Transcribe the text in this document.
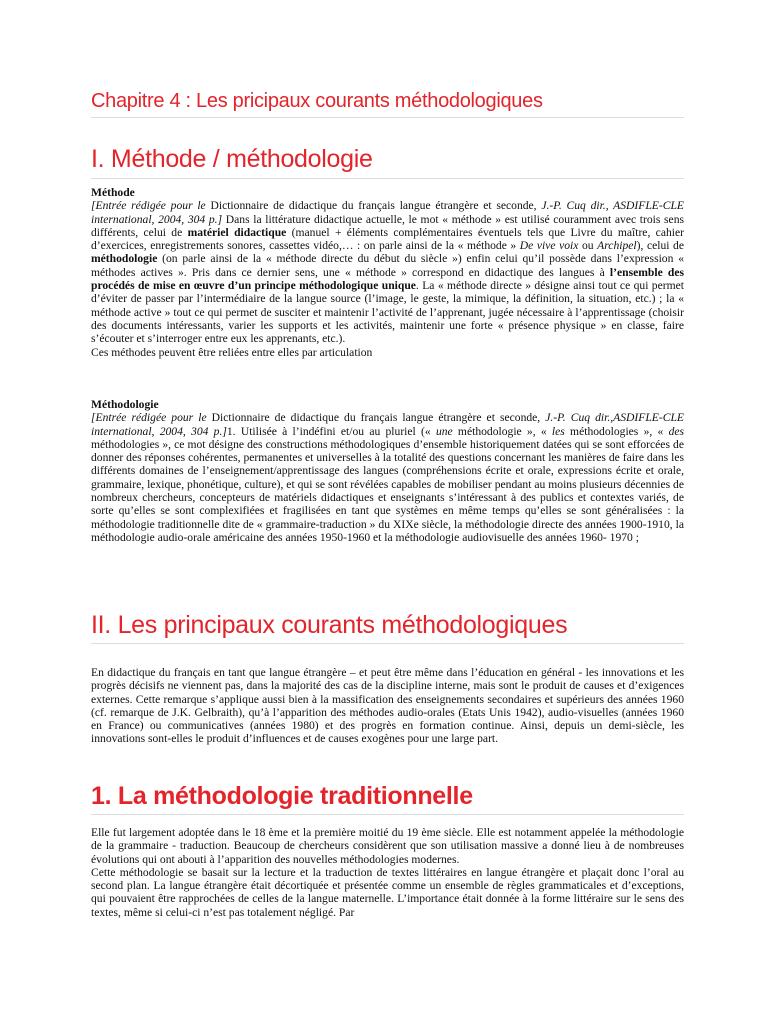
Chapitre 4 : Les pricipaux courants méthodologiques
I. Méthode / méthodologie

Méthode

[Entrée rédigée pour le Dictionnaire de didactique du français langue étrangère et seconde, J.-P. Cuq dir., ASDIFLE-CLE international, 2004, 304 p.] Dans la littérature didactique actuelle, le mot « méthode » est utilisé couramment avec trois sens différents, celui de matériel didactique (manuel + éléments complémentaires éventuels tels que Livre du maître, cahier d’exercices, enregistrements sonores, cassettes vidéo,… : on parle ainsi de la « méthode » De vive voix ou Archipel), celui de méthodologie (on parle ainsi de la « méthode directe du début du siècle ») enfin celui qu’il possède dans l’expression « méthodes actives ». Pris dans ce dernier sens, une « méthode » correspond en didactique des langues à l’ensemble des procédés de mise en œuvre d’un principe méthodologique unique. La « méthode directe » désigne ainsi tout ce qui permet d’éviter de passer par l’intermédiaire de la langue source (l’image, le geste, la mimique, la définition, la situation, etc.) ; la « méthode active » tout ce qui permet de susciter et maintenir l’activité de l’apprenant, jugée nécessaire à l’apprentissage (choisir des documents intéressants, varier les supports et les activités, maintenir une forte « présence physique » en classe, faire s’écouter et s’interroger entre eux les apprenants, etc.).

Ces méthodes peuvent être reliées entre elles par articulation

Méthodologie

[Entrée rédigée pour le Dictionnaire de didactique du français langue étrangère et seconde, J.-P. Cuq dir.,ASDIFLE-CLE international, 2004, 304 p.]1. Utilisée à l’indéfini et/ou au pluriel (« une méthodologie », « les méthodologies », « des méthodologies », ce mot désigne des constructions méthodologiques d’ensemble historiquement datées qui se sont efforcées de donner des réponses cohérentes, permanentes et universelles à la totalité des questions concernant les manières de faire dans les différents domaines de l’enseignement/apprentissage des langues (compréhensions écrite et orale, expressions écrite et orale, grammaire, lexique, phonétique, culture), et qui se sont révélées capables de mobiliser pendant au moins plusieurs décennies de nombreux chercheurs, concepteurs de matériels didactiques et enseignants s’intéressant à des publics et contextes variés, de sorte qu’elles se sont complexifiées et fragilisées en tant que systèmes en même temps qu’elles se sont généralisées : la méthodologie traditionnelle dite de « grammaire-traduction » du XIXe siècle, la méthodologie directe des années 1900-1910, la méthodologie audio-orale américaine des années 1950-1960 et la méthodologie audiovisuelle des années 1960- 1970 ;

II. Les principaux courants méthodologiques

En didactique du français en tant que langue étrangère – et peut être même dans l’éducation en général - les innovations et les progrès décisifs ne viennent pas, dans la majorité des cas de la discipline interne, mais sont le produit de causes et d’exigences externes. Cette remarque s’applique aussi bien à la massification des enseignements secondaires et supérieurs des années 1960 (cf. remarque de J.K. Gelbraith), qu’à l’apparition des méthodes audio-orales (Etats Unis 1942), audio-visuelles (années 1960 en France) ou communicatives (années 1980) et des progrès en formation continue. Ainsi, depuis un demi-siècle, les innovations sont-elles le produit d’influences et de causes exogènes pour une large part.

1. La méthodologie traditionnelle

Elle fut largement adoptée dans le 18 ème et la première moitié du 19 ème siècle. Elle est notamment appelée la méthodologie de la grammaire - traduction. Beaucoup de chercheurs considèrent que son utilisation massive a donné lieu à de nombreuses évolutions qui ont abouti à l’apparition des nouvelles méthodologies modernes.

Cette méthodologie se basait sur la lecture et la traduction de textes littéraires en langue étrangère et plaçait donc l’oral au second plan. La langue étrangère était décortiquée et présentée comme un ensemble de règles grammaticales et d’exceptions, qui pouvaient être rapprochées de celles de la langue maternelle. L’importance était donnée à la forme littéraire sur le sens des textes, même si celui-ci n’est pas totalement négligé. Par
